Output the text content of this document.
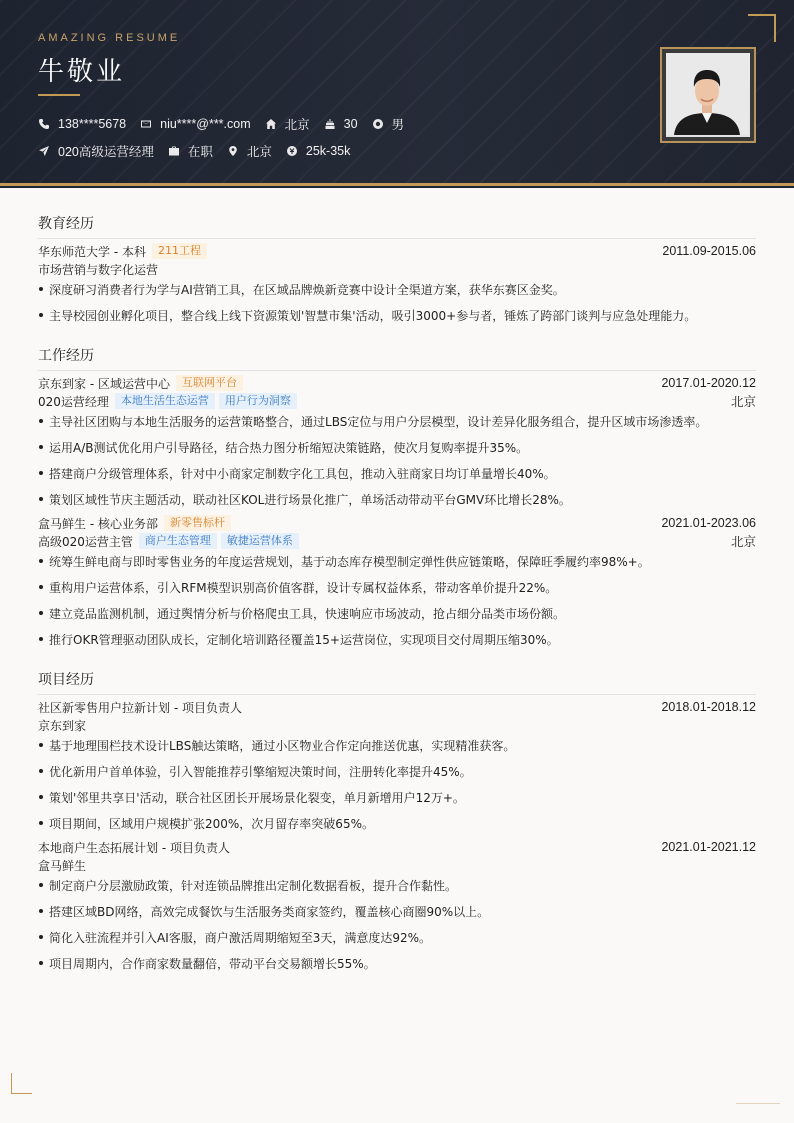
AMAZING RESUME
牛敬业
138****5678	niu****@***.com	北京	30	男
020高级运营经理	在职	北京	25k-35k
教育经历
华东师范大学 - 本科	211工程	2011.09-2015.06
市场营销与数字化运营
深度研习消费者行为学与AI营销工具，在区域品牌焕新竞赛中设计全渠道方案，获华东赛区金奖。
主导校园创业孵化项目，整合线上线下资源策划'智慧市集'活动，吸引3000+参与者，锤炼了跨部门谈判与应急处理能力。
工作经历
京东到家 - 区域运营中心	互联网平台	2017.01-2020.12
020运营经理	本地生活生态运营	用户行为洞察	北京
主导社区团购与本地生活服务的运营策略整合，通过LBS定位与用户分层模型，设计差异化服务组合，提升区域市场渗透率。
运用A/B测试优化用户引导路径，结合热力图分析缩短决策链路，使次月复购率提升35%。
搭建商户分级管理体系，针对中小商家定制数字化工具包，推动入驻商家日均订单量增长40%。
策划区域性节庆主题活动，联动社区KOL进行场景化推广，单场活动带动平台GMV环比增长28%。
盒马鲜生 - 核心业务部	新零售标杆	2021.01-2023.06
高级020运营主管	商户生态管理	敏捷运营体系	北京
统筹生鲜电商与即时零售业务的年度运营规划，基于动态库存模型制定弹性供应链策略，保障旺季履约率98%+。
重构用户运营体系，引入RFM模型识别高价值客群，设计专属权益体系，带动客单价提升22%。
建立竞品监测机制，通过舆情分析与价格爬虫工具，快速响应市场波动，抢占细分品类市场份额。
推行OKR管理驱动团队成长，定制化培训路径覆盖15+运营岗位，实现项目交付周期压缩30%。
项目经历
社区新零售用户拉新计划 - 项目负责人	2018.01-2018.12
京东到家
基于地理围栏技术设计LBS触达策略，通过小区物业合作定向推送优惠，实现精准获客。
优化新用户首单体验，引入智能推荐引擎缩短决策时间，注册转化率提升45%。
策划'邻里共享日'活动，联合社区团长开展场景化裂变，单月新增用户12万+。
项目期间，区域用户规模扩张200%，次月留存率突破65%。
本地商户生态拓展计划 - 项目负责人	2021.01-2021.12
盒马鲜生
制定商户分层激励政策，针对连锁品牌推出定制化数据看板，提升合作黏性。
搭建区域BD网络，高效完成餐饮与生活服务类商家签约，覆盖核心商圈90%以上。
简化入驻流程并引入AI客服，商户激活周期缩短至3天，满意度达92%。
项目周期内，合作商家数量翻倍，带动平台交易额增长55%。
